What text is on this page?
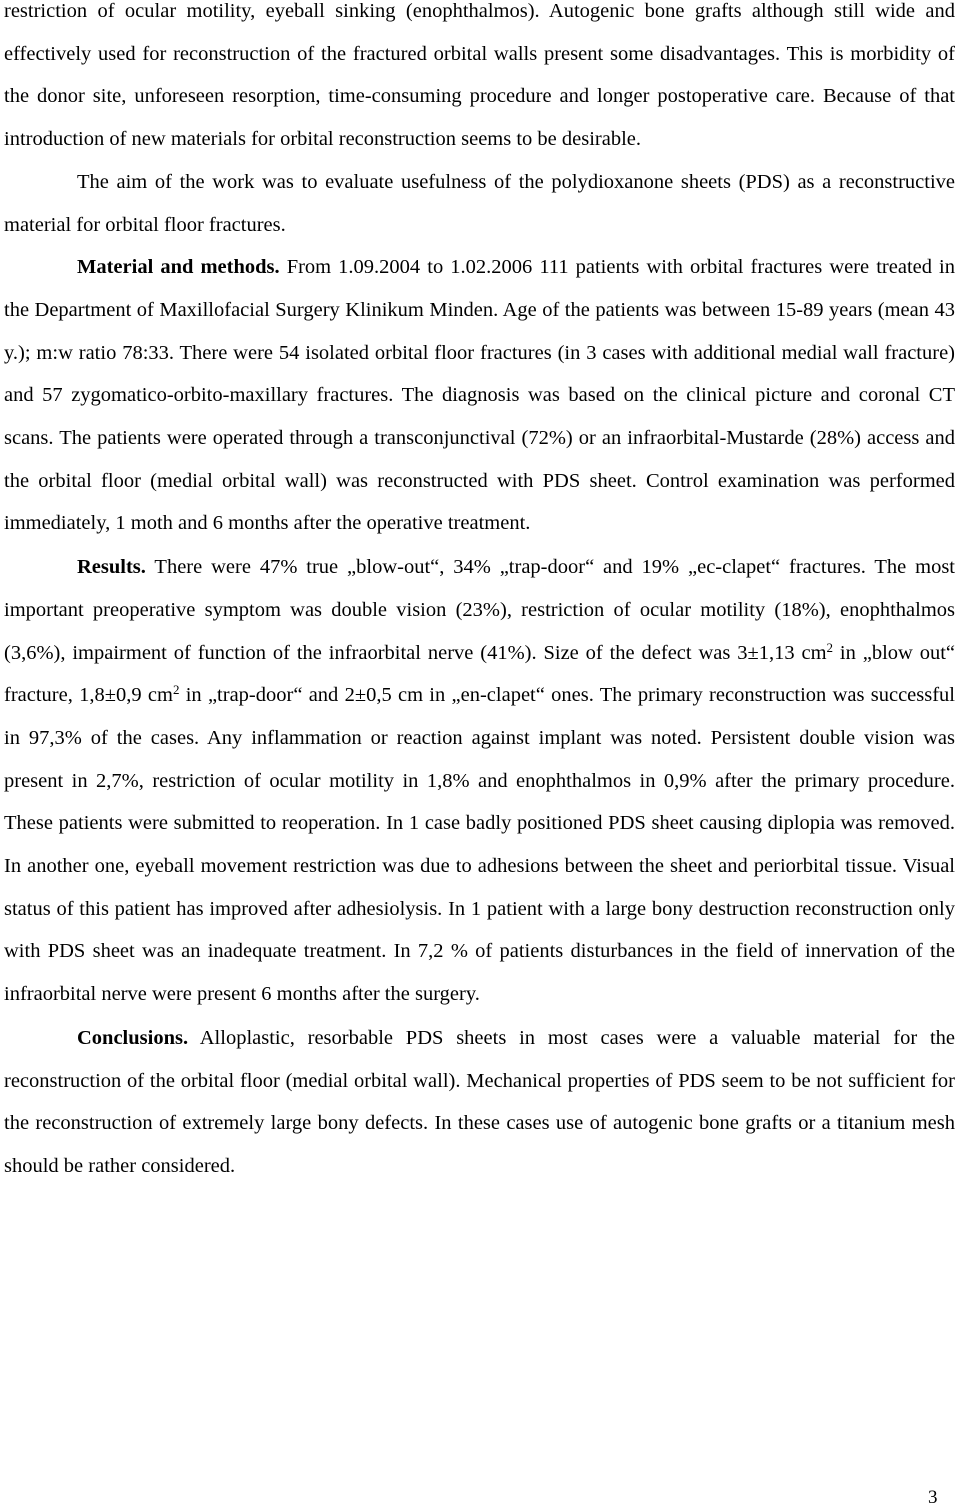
restriction of ocular motility, eyeball sinking (enophthalmos). Autogenic bone grafts although still wide and effectively used for reconstruction of the fractured orbital walls present some disadvantages. This is morbidity of the donor site, unforeseen resorption, time-consuming procedure and longer postoperative care. Because of that introduction of new materials for orbital reconstruction seems to be desirable.

The aim of the work was to evaluate usefulness of the polydioxanone sheets (PDS) as a reconstructive material for orbital floor fractures.

Material and methods. From 1.09.2004 to 1.02.2006 111 patients with orbital fractures were treated in the Department of Maxillofacial Surgery Klinikum Minden. Age of the patients was between 15-89 years (mean 43 y.); m:w ratio 78:33. There were 54 isolated orbital floor fractures (in 3 cases with additional medial wall fracture) and 57 zygomatico-orbito-maxillary fractures. The diagnosis was based on the clinical picture and coronal CT scans. The patients were operated through a transconjunctival (72%) or an infraorbital-Mustarde (28%) access and the orbital floor (medial orbital wall) was reconstructed with PDS sheet. Control examination was performed immediately, 1 moth and 6 months after the operative treatment.

Results. There were 47% true „blow-out“, 34% „trap-door“ and 19% „ec-clapet“ fractures. The most important preoperative symptom was double vision (23%), restriction of ocular motility (18%), enophthalmos (3,6%), impairment of function of the infraorbital nerve (41%). Size of the defect was 3±1,13 $cm^2$ in „blow out“ fracture, 1,8±0,9 $cm^2$ in „trap-door“ and 2±0,5 cm in „en-clapet“ ones. The primary reconstruction was successful in 97,3% of the cases. Any inflammation or reaction against implant was noted. Persistent double vision was present in 2,7%, restriction of ocular motility in 1,8% and enophthalmos in 0,9% after the primary procedure. These patients were submitted to reoperation. In 1 case badly positioned PDS sheet causing diplopia was removed. In another one, eyeball movement restriction was due to adhesions between the sheet and periorbital tissue. Visual status of this patient has improved after adhesiolysis. In 1 patient with a large bony destruction reconstruction only with PDS sheet was an inadequate treatment. In 7,2 % of patients disturbances in the field of innervation of the infraorbital nerve were present 6 months after the surgery.

Conclusions. Alloplastic, resorbable PDS sheets in most cases were a valuable material for the reconstruction of the orbital floor (medial orbital wall). Mechanical properties of PDS seem to be not sufficient for the reconstruction of extremely large bony defects. In these cases use of autogenic bone grafts or a titanium mesh should be rather considered.

3
